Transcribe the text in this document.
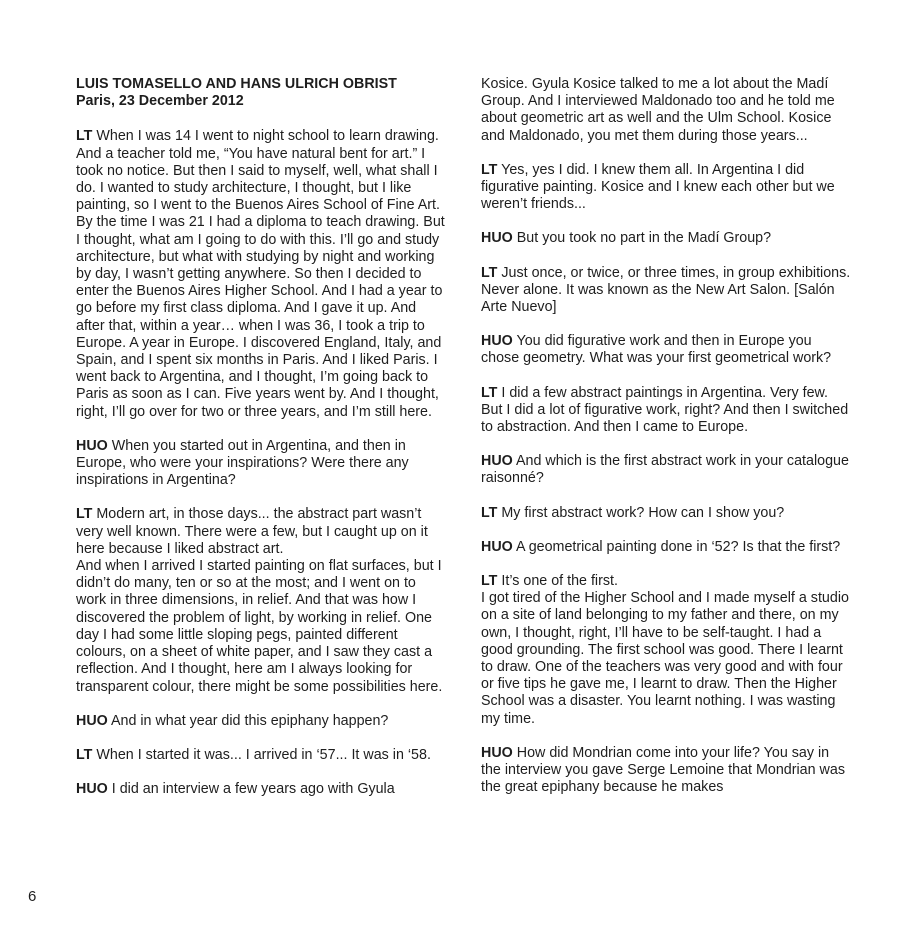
LUIS TOMASELLO AND HANS ULRICH OBRIST

Paris, 23 December 2012

LT When I was 14 I went to night school to learn drawing. And a teacher told me, “You have natural bent for art.” I took no notice. But then I said to myself, well, what shall I do. I wanted to study architecture, I thought, but I like painting, so I went to the Buenos Aires School of Fine Art. By the time I was 21 I had a diploma to teach drawing. But I thought, what am I going to do with this. I’ll go and study architecture, but what with studying by night and working by day, I wasn’t getting anywhere. So then I decided to enter the Buenos Aires Higher School. And I had a year to go before my first class diploma. And I gave it up. And after that, within a year… when I was 36, I took a trip to Europe. A year in Europe. I discovered England, Italy, and Spain, and I spent six months in Paris. And I liked Paris. I went back to Argentina, and I thought, I’m going back to Paris as soon as I can. Five years went by. And I thought, right, I’ll go over for two or three years, and I’m still here.

HUO When you started out in Argentina, and then in Europe, who were your inspirations? Were there any inspirations in Argentina?

LT Modern art, in those days... the abstract part wasn’t very well known. There were a few, but I caught up on it here because I liked abstract art.

And when I arrived I started painting on flat surfaces, but I didn’t do many, ten or so at the most; and I went on to work in three dimensions, in relief. And that was how I discovered the problem of light, by working in relief. One day I had some little sloping pegs, painted different colours, on a sheet of white paper, and I saw they cast a reflection. And I thought, here am I always looking for transparent colour, there might be some possibilities here.

HUO And in what year did this epiphany happen?

LT When I started it was... I arrived in ‘57... It was in ‘58.

HUO I did an interview a few years ago with Gyula

Kosice. Gyula Kosice talked to me a lot about the Madí Group. And I interviewed Maldonado too and he told me about geometric art as well and the Ulm School. Kosice and Maldonado, you met them during those years...

LT Yes, yes I did. I knew them all. In Argentina I did figurative painting. Kosice and I knew each other but we weren’t friends...

HUO But you took no part in the Madí Group?

LT Just once, or twice, or three times, in group exhibitions. Never alone. It was known as the New Art Salon. [Salón Arte Nuevo]

HUO You did figurative work and then in Europe you chose geometry. What was your first geometrical work?

LT I did a few abstract paintings in Argentina. Very few. But I did a lot of figurative work, right? And then I switched to abstraction. And then I came to Europe.

HUO And which is the first abstract work in your catalogue raisonné?

LT My first abstract work? How can I show you?

HUO A geometrical painting done in ‘52? Is that the first?

LT It’s one of the first.

I got tired of the Higher School and I made myself a studio on a site of land belonging to my father and there, on my own, I thought, right, I’ll have to be self-taught. I had a good grounding. The first school was good. There I learnt to draw. One of the teachers was very good and with four or five tips he gave me, I learnt to draw. Then the Higher School was a disaster. You learnt nothing. I was wasting my time.

HUO How did Mondrian come into your life? You say in the interview you gave Serge Lemoine that Mondrian was the great epiphany because he makes

6
